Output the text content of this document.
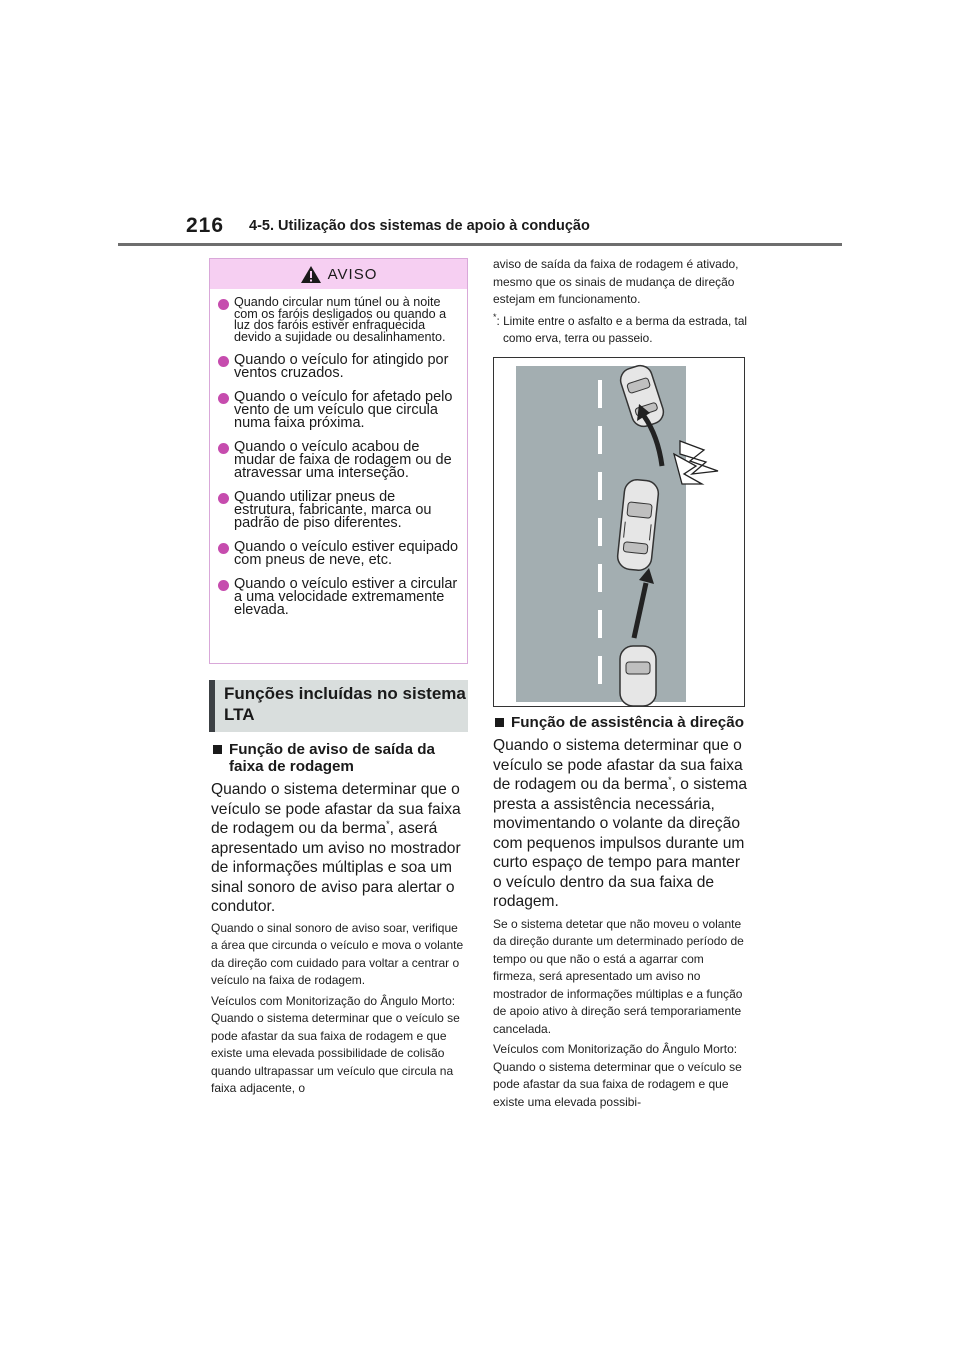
216 4-5. Utilização dos sistemas de apoio à condução
AVISO
Quando circular num túnel ou à noite com os faróis desligados ou quando a luz dos faróis estiver enfraquecida devido a sujidade ou desalinhamento.
Quando o veículo for atingido por ventos cruzados.
Quando o veículo for afetado pelo vento de um veículo que circula numa faixa próxima.
Quando o veículo acabou de mudar de faixa de rodagem ou de atravessar uma interseção.
Quando utilizar pneus de estrutura, fabricante, marca ou padrão de piso diferentes.
Quando o veículo estiver equipado com pneus de neve, etc.
Quando o veículo estiver a circular a uma velocidade extremamente elevada.
Funções incluídas no sistema LTA
Função de aviso de saída da faixa de rodagem

Quando o sistema determinar que o veículo se pode afastar da sua faixa de rodagem ou da berma*, aserá apresentado um aviso no mostrador de informações múltiplas e soa um sinal sonoro de aviso para alertar o condutor.

Quando o sinal sonoro de aviso soar, verifique a área que circunda o veículo e mova o volante da direção com cuidado para voltar a centrar o veículo na faixa de rodagem.

Veículos com Monitorização do Ângulo Morto: Quando o sistema determinar que o veículo se pode afastar da sua faixa de rodagem e que existe uma elevada possibilidade de colisão quando ultrapassar um veículo que circula na faixa adjacente, o

aviso de saída da faixa de rodagem é ativado, mesmo que os sinais de mudança de direção estejam em funcionamento.

*: Limite entre o asfalto e a berma da estrada, tal como erva, terra ou passeio.

Função de assistência à direção

Quando o sistema determinar que o veículo se pode afastar da sua faixa de rodagem ou da berma*, o sistema presta a assistência necessária, movimentando o volante da direção com pequenos impulsos durante um curto espaço de tempo para manter o veículo dentro da sua faixa de rodagem.

Se o sistema detetar que não moveu o volante da direção durante um determinado período de tempo ou que não o está a agarrar com firmeza, será apresentado um aviso no mostrador de informações múltiplas e a função de apoio ativo à direção será temporariamente cancelada.

Veículos com Monitorização do Ângulo Morto: Quando o sistema determinar que o veículo se pode afastar da sua faixa de rodagem e que existe uma elevada possibi-
